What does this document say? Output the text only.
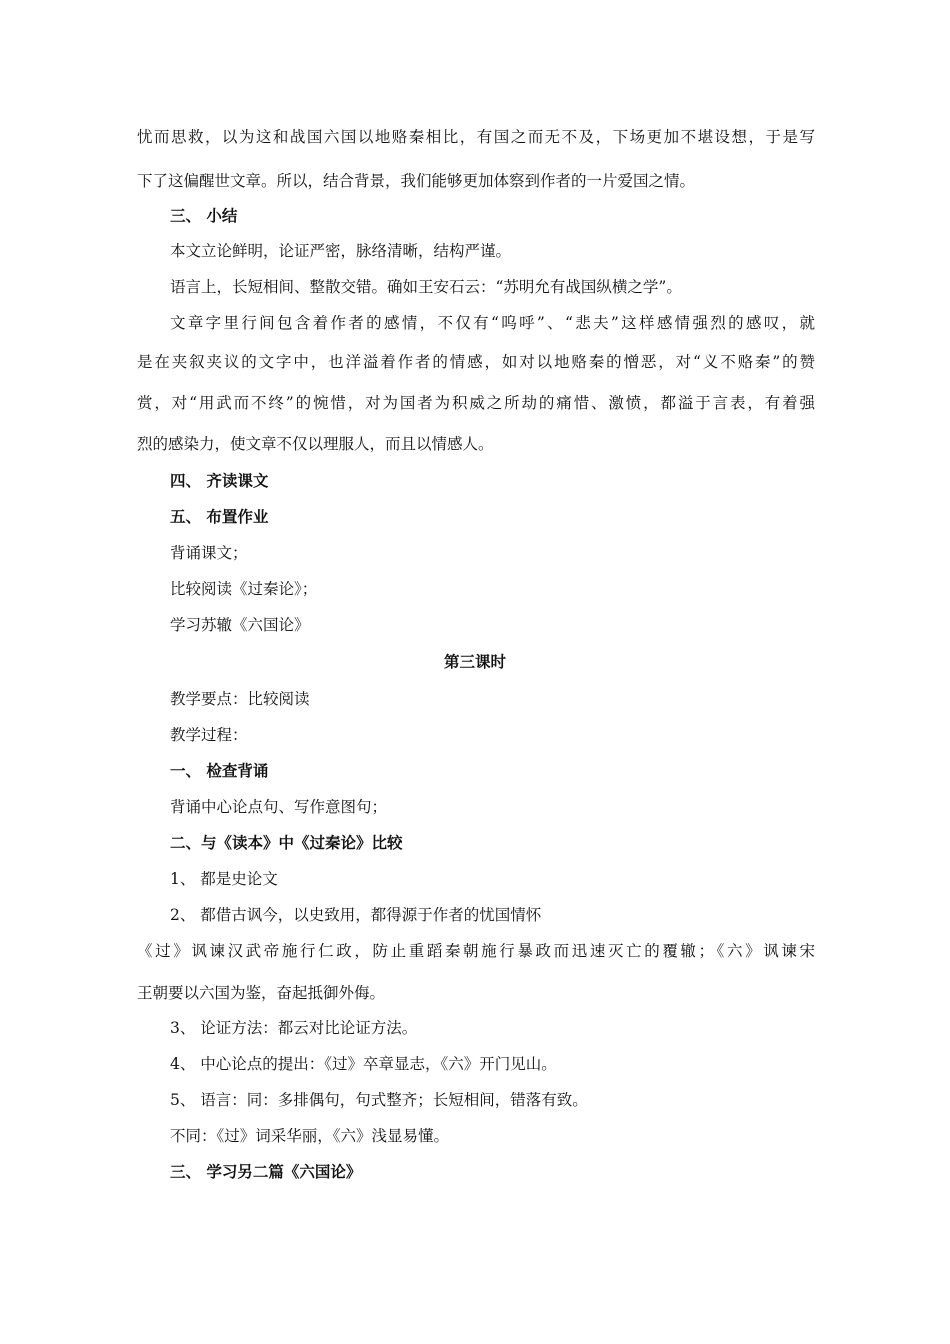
忧而思救，以为这和战国六国以地赂秦相比，有国之而无不及，下场更加不堪设想，于是写
下了这偏醒世文章。所以，结合背景，我们能够更加体察到作者的一片爱国之情。
三、 小结
本文立论鲜明，论证严密，脉络清晰，结构严谨。
语言上，长短相间、整散交错。确如王安石云：“苏明允有战国纵横之学”。
文章字里行间包含着作者的感情，不仅有“呜呼”、“悲夫”这样感情强烈的感叹，就
是在夹叙夹议的文字中，也洋溢着作者的情感，如对以地赂秦的憎恶，对“义不赂秦”的赞
赏，对“用武而不终”的惋惜，对为国者为积威之所劫的痛惜、激愤，都溢于言表，有着强
烈的感染力，使文章不仅以理服人，而且以情感人。
四、 齐读课文
五、 布置作业
背诵课文；
比较阅读《过秦论》；
学习苏辙《六国论》
第三课时
教学要点：比较阅读
教学过程：
一、 检查背诵
背诵中心论点句、写作意图句；
二、与《读本》中《过秦论》比较
1、 都是史论文
2、 都借古讽今，以史致用，都得源于作者的忧国情怀
《过》讽谏汉武帝施行仁政，防止重蹈秦朝施行暴政而迅速灭亡的覆辙；《六》讽谏宋
王朝要以六国为鉴，奋起抵御外侮。
3、 论证方法：都云对比论证方法。
4、 中心论点的提出：《过》卒章显志，《六》开门见山。
5、 语言：同：多排偶句，句式整齐；长短相间，错落有致。
不同：《过》词采华丽，《六》浅显易懂。
三、 学习另二篇《六国论》
